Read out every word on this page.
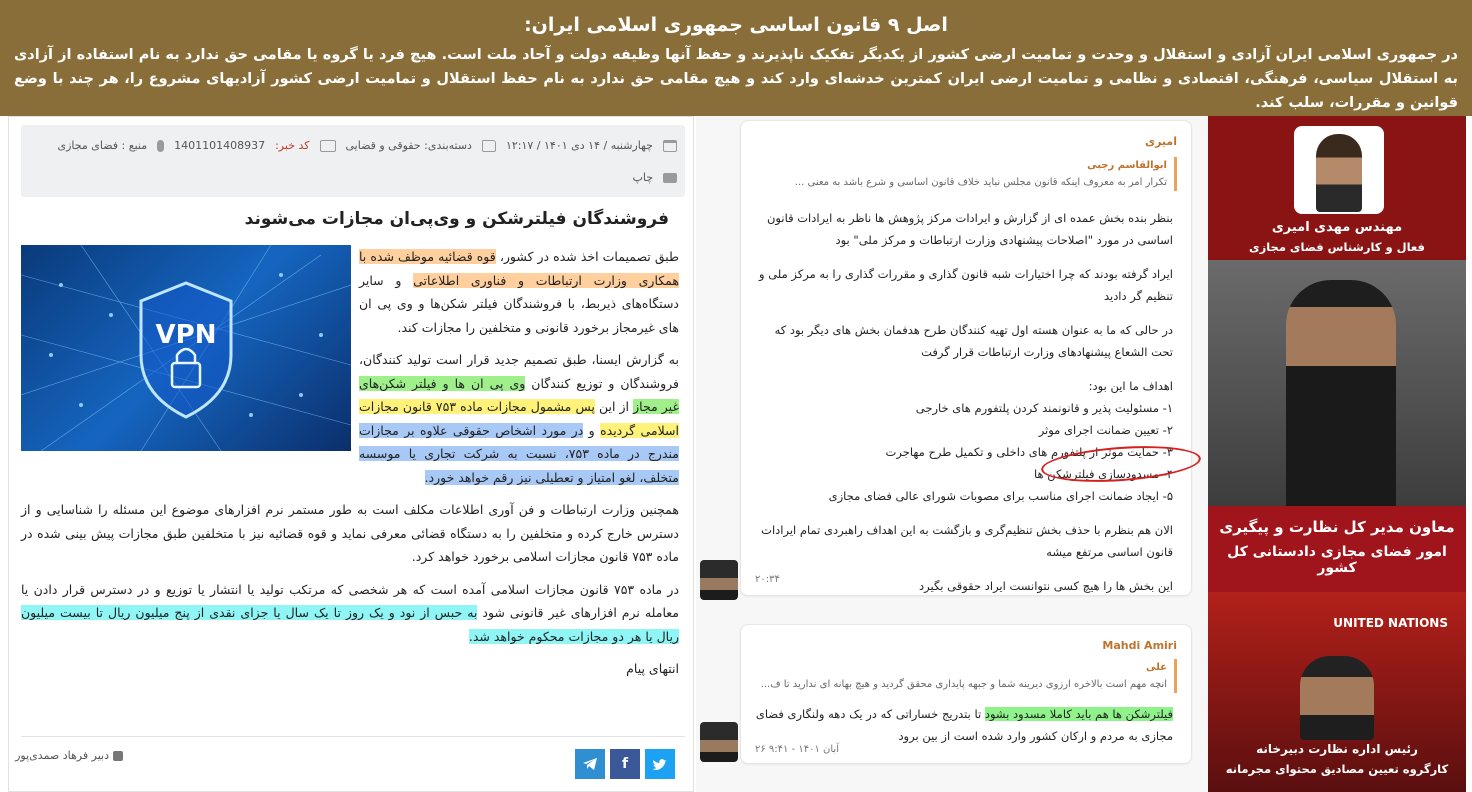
اصل ۹ قانون اساسی جمهوری اسلامی ایران:

در جمهوری اسلامی ایران آزادی و استقلال و وحدت و تمامیت ارضی کشور از یکدیگر تفکیک ناپذیرند و حفظ آنها وظیفه دولت و آحاد ملت است. هیچ فرد یا گروه یا مقامی حق ندارد به نام استفاده از آزادی به استقلال سیاسی، فرهنگی، اقتصادی و نظامی و تمامیت ارضی ایران کمترین خدشه‌ای وارد کند و هیچ مقامی حق ندارد به نام حفظ استقلال و تمامیت ارضی کشور آزادیهای مشروع را، هر چند با وضع قوانین و مقررات، سلب کند.

چهارشنبه / ۱۴ دی ۱۴۰۱ / ۱۲:۱۷
دسته‌بندی: حقوقی و قضایی
کد خبر:
1401101408937
منبع : فضای مجازی
چاپ
فروشندگان فیلترشکن و وی‌پی‌ان مجازات می‌شوند
VPN

طبق تصمیمات اخذ شده در کشور، قوه قضائیه موظف شده با همکاری وزارت ارتباطات و فناوری اطلاعاتی و سایر دستگاه‌های ذیربط، با فروشندگان فیلتر شکن‌ها و وی پی ان های غیرمجاز برخورد قانونی و متخلفین را مجازات کند.

به گزارش ایسنا، طبق تصمیم جدید قرار است تولید کنندگان، فروشندگان و توزیع کنندگان وی پی ان ها و فیلتر شکن‌های غیر مجاز از این پس مشمول مجازات ماده ۷۵۳ قانون مجازات اسلامی گردیده و در مورد اشخاص حقوقی علاوه بر مجازات مندرج در ماده ۷۵۳، نسبت به شرکت تجاری یا موسسه متخلف، لغو امتیاز و تعطیلی نیز رقم خواهد خورد.

همچنین وزارت ارتباطات و فن آوری اطلاعات مکلف است به طور مستمر نرم افزارهای موضوع این مسئله را شناسایی و از دسترس خارج کرده و متخلفین را به دستگاه قضائی معرفی نماید و قوه قضائیه نیز با متخلفین طبق مجازات پیش بینی شده در ماده ۷۵۳ قانون مجازات اسلامی برخورد خواهد کرد.

در ماده ۷۵۳ قانون مجازات اسلامی آمده است که هر شخصی که مرتکب تولید یا انتشار یا توزیع و در دسترس قرار دادن یا معامله نرم افزارهای غیر قانونی شود به حبس از نود و یک روز تا یک سال یا جزای نقدی از پنج میلیون ریال تا بیست میلیون ریال یا هر دو مجازات محکوم خواهد شد.

انتهای پیام

دبیر فرهاد صمدی‌پور
f
امیری
ابوالقاسم رجبی
تکرار امر به معروف اینکه قانون مجلس نباید خلاف قانون اساسی و شرع باشد به معنی ...

بنظر بنده بخش عمده ای از گزارش و ایرادات مرکز پژوهش ها ناظر به ایرادات قانون اساسی در مورد "اصلاحات پیشنهادی وزارت ارتباطات و مرکز ملی" بود

ایراد گرفته بودند که چرا اختیارات شبه قانون گذاری و مقررات گذاری را به مرکز ملی و تنظیم گر دادید

در حالی که ما به عنوان هسته اول تهیه کنندگان طرح هدفمان بخش های دیگر بود که تحت الشعاع پیشنهادهای وزارت ارتباطات قرار گرفت

اهداف ما این بود:
۱- مسئولیت پذیر و قانونمند کردن پلتفورم های خارجی
۲- تعیین ضمانت اجرای موثر
۳- حمایت موثر از پلتفورم های داخلی و تکمیل طرح مهاجرت
۴- مسدودسازی فیلترشکن ها
۵- ایجاد ضمانت اجرای مناسب برای مصوبات شورای عالی فضای مجازی

الان هم بنظرم با حذف بخش تنظیم‌گری و بازگشت به این اهداف راهبردی تمام ایرادات قانون اساسی مرتفع میشه

این بخش ها را هیچ کسی نتوانست ایراد حقوقی بگیرد

۲۰:۳۴
Mahdi Amiri
علی
انچه مهم است بالاخره ارزوی دیرینه شما و جبهه پایداری محقق گردید و هیچ بهانه ای ندارید تا ف...
فیلترشکن ها هم باید کاملا مسدود بشود تا بتدریج خساراتی که در یک دهه ولنگاری فضای مجازی به مردم و ارکان کشور وارد شده است از بین برود
۲۶ آبان ۱۴۰۱ - ۹:۴۱
مهندس مهدی امیری
فعال و کارشناس فضای مجازی
معاون مدیر کل نظارت و پیگیری
امور فضای مجازی دادستانی کل کشور
UNITED NATIONS
رئیس اداره نظارت دبیرخانه
کارگروه تعیین مصادیق محتوای مجرمانه
